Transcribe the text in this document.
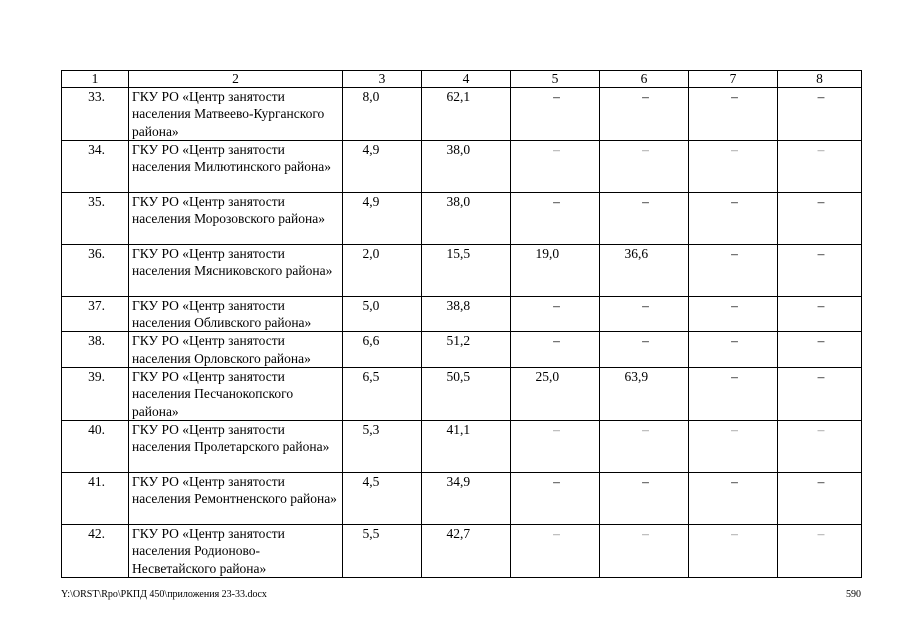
1	2	3	4	5	6	7	8
33.	ГКУ РО «Центр занятости населения Матвеево-Курганского района»	8,0	62,1	–	–	–	–
34.	ГКУ РО «Центр занятости населения Милютинского района»	4,9	38,0	–	–	–	–
35.	ГКУ РО «Центр занятости населения Морозовского района»	4,9	38,0	–	–	–	–
36.	ГКУ РО «Центр занятости населения Мясниковского района»	2,0	15,5	19,0	36,6	–	–
37.	ГКУ РО «Центр занятости населения Обливского района»	5,0	38,8	–	–	–	–
38.	ГКУ РО «Центр занятости населения Орловского района»	6,6	51,2	–	–	–	–
39.	ГКУ РО «Центр занятости населения Песчанокопского района»	6,5	50,5	25,0	63,9	–	–
40.	ГКУ РО «Центр занятости населения Пролетарского района»	5,3	41,1	–	–	–	–
41.	ГКУ РО «Центр занятости населения Ремонтненского района»	4,5	34,9	–	–	–	–
42.	ГКУ РО «Центр занятости населения Родионово-Несветайского района»	5,5	42,7	–	–	–	–
Y:\ORST\Rpo\РКПД 450\приложения 23-33.docx	590
